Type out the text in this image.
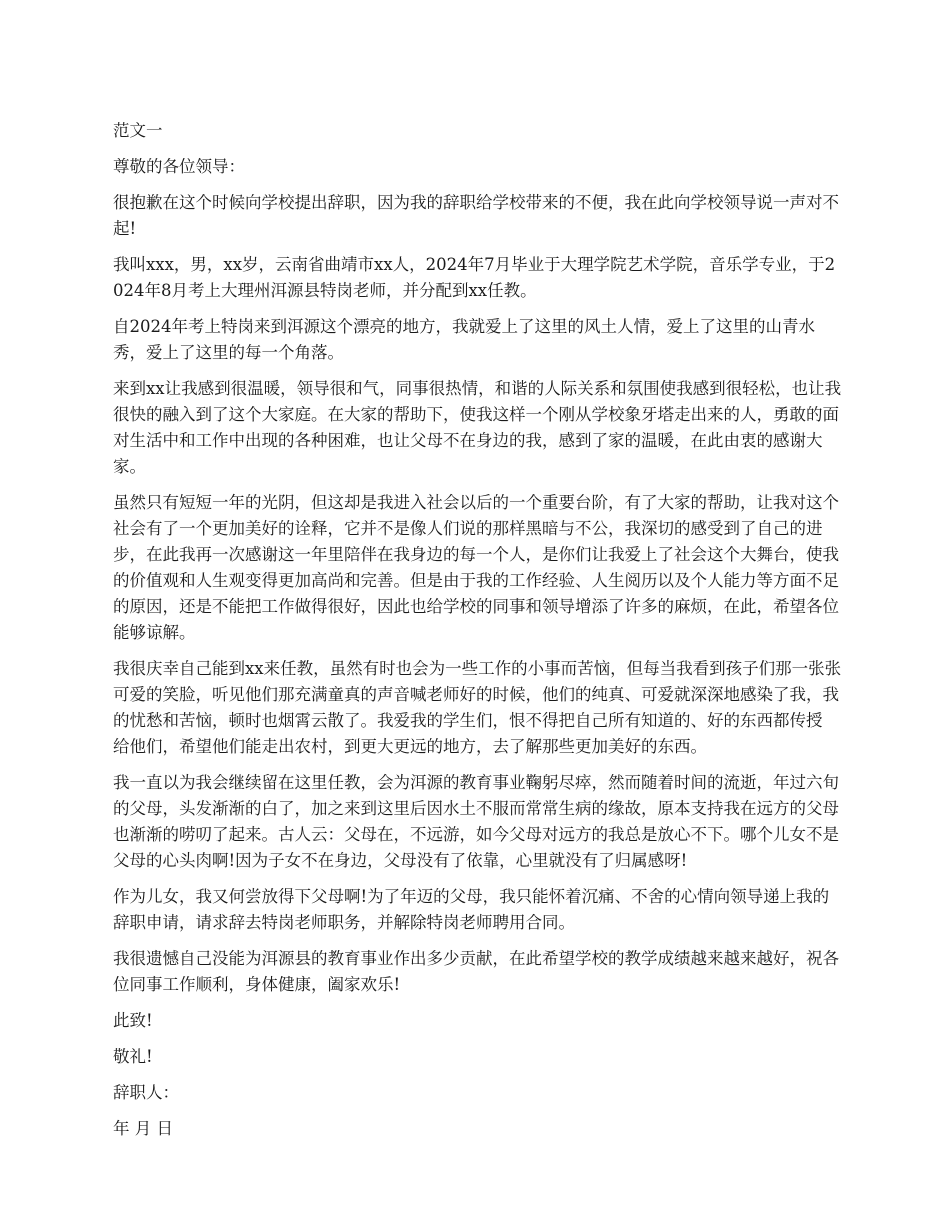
范文一

尊敬的各位领导：

很抱歉在这个时候向学校提出辞职，因为我的辞职给学校带来的不便，我在此向学校领导说一声对不起!

我叫xxx，男，xx岁，云南省曲靖市xx人，2024年7月毕业于大理学院艺术学院，音乐学专业，于2024年8月考上大理州洱源县特岗老师，并分配到xx任教。

自2024年考上特岗来到洱源这个漂亮的地方，我就爱上了这里的风土人情，爱上了这里的山青水秀，爱上了这里的每一个角落。

来到xx让我感到很温暖，领导很和气，同事很热情，和谐的人际关系和氛围使我感到很轻松，也让我很快的融入到了这个大家庭。在大家的帮助下，使我这样一个刚从学校象牙塔走出来的人，勇敢的面对生活中和工作中出现的各种困难，也让父母不在身边的我，感到了家的温暖，在此由衷的感谢大家。

虽然只有短短一年的光阴，但这却是我进入社会以后的一个重要台阶，有了大家的帮助，让我对这个社会有了一个更加美好的诠释，它并不是像人们说的那样黑暗与不公，我深切的感受到了自己的进步，在此我再一次感谢这一年里陪伴在我身边的每一个人，是你们让我爱上了社会这个大舞台，使我的价值观和人生观变得更加高尚和完善。但是由于我的工作经验、人生阅历以及个人能力等方面不足的原因，还是不能把工作做得很好，因此也给学校的同事和领导增添了许多的麻烦，在此，希望各位能够谅解。

我很庆幸自己能到xx来任教，虽然有时也会为一些工作的小事而苦恼，但每当我看到孩子们那一张张可爱的笑脸，听见他们那充满童真的声音喊老师好的时候，他们的纯真、可爱就深深地感染了我，我的忧愁和苦恼，顿时也烟霄云散了。我爱我的学生们，恨不得把自己所有知道的、好的东西都传授 给他们，希望他们能走出农村，到更大更远的地方，去了解那些更加美好的东西。

我一直以为我会继续留在这里任教，会为洱源的教育事业鞠躬尽瘁，然而随着时间的流逝，年过六旬的父母，头发渐渐的白了，加之来到这里后因水土不服而常常生病的缘故，原本支持我在远方的父母也渐渐的唠叨了起来。古人云：父母在，不远游，如今父母对远方的我总是放心不下。哪个儿女不是父母的心头肉啊!因为子女不在身边，父母没有了依靠，心里就没有了归属感呀!

作为儿女，我又何尝放得下父母啊!为了年迈的父母，我只能怀着沉痛、不舍的心情向领导递上我的辞职申请，请求辞去特岗老师职务，并解除特岗老师聘用合同。

我很遗憾自己没能为洱源县的教育事业作出多少贡献，在此希望学校的教学成绩越来越来越好，祝各位同事工作顺利，身体健康，阖家欢乐!

此致!

敬礼!

辞职人：

年 月 日
